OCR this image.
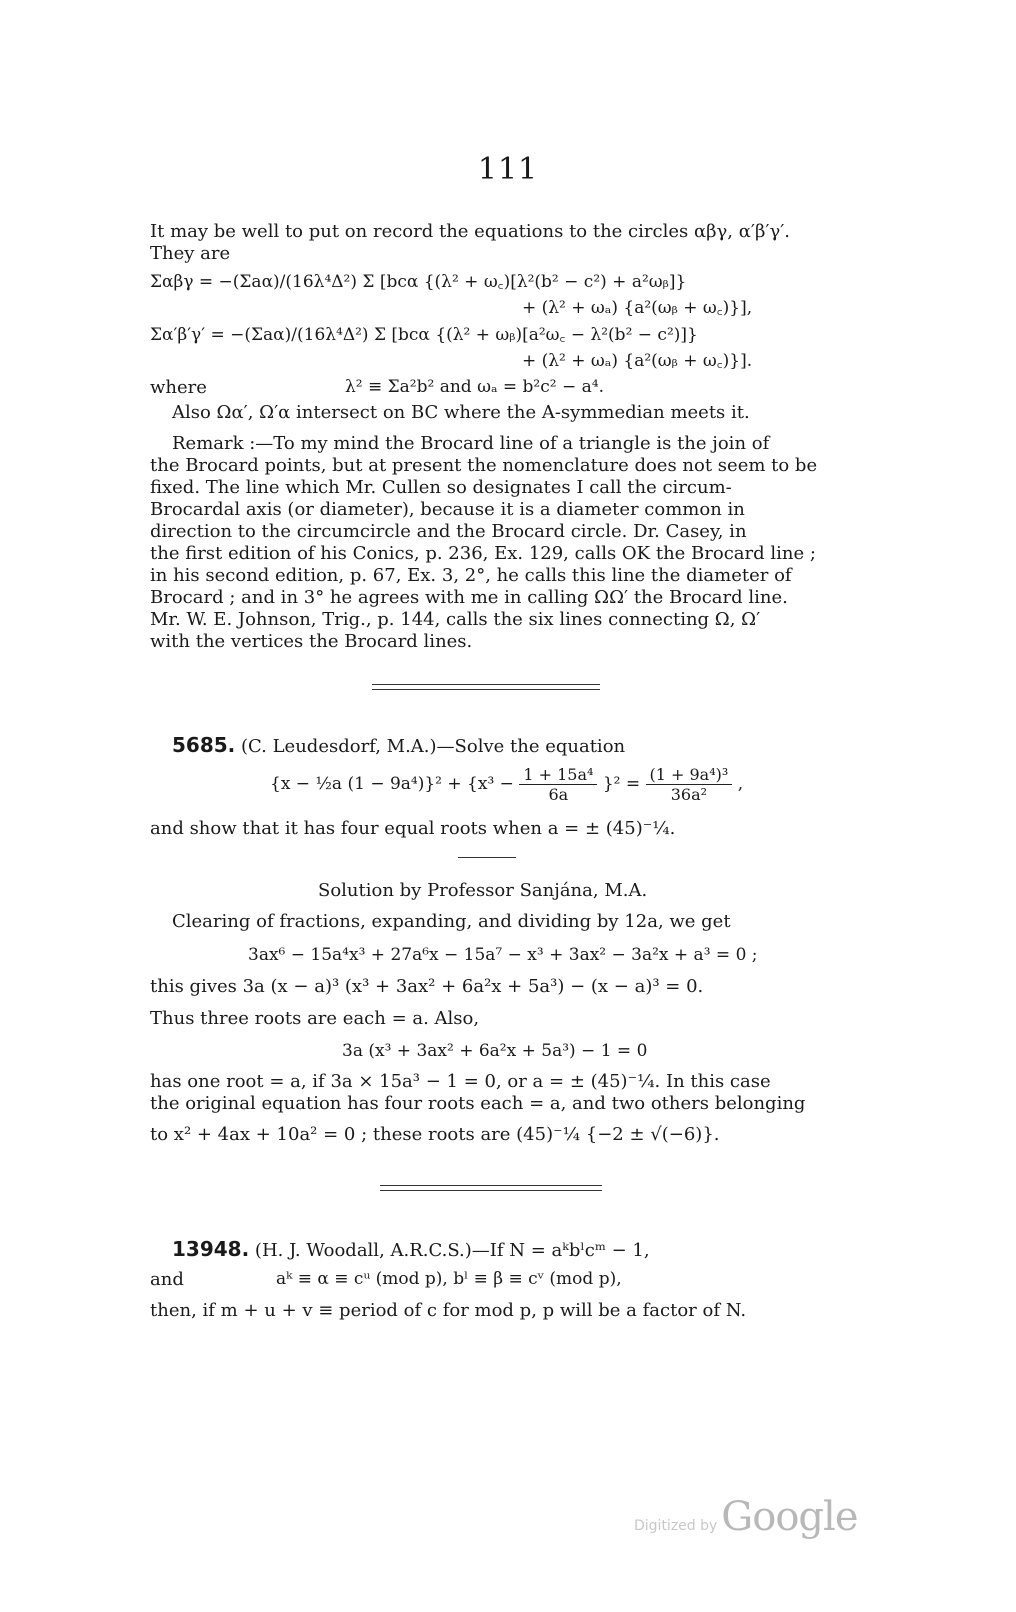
111
It may be well to put on record the equations to the circles αβγ, α′β′γ′.
They are
Σαβγ = −(Σaα)/(16λ⁴Δ²) Σ [bcα {(λ² + ω꜀)[λ²(b² − c²) + a²ωᵦ]}
+ (λ² + ωₐ) {a²(ωᵦ + ω꜀)}],
Σα′β′γ′ = −(Σaα)/(16λ⁴Δ²) Σ [bcα {(λ² + ωᵦ)[a²ω꜀ − λ²(b² − c²)]}
+ (λ² + ωₐ) {a²(ωᵦ + ω꜀)}].
where	λ² ≡ Σa²b² and ωₐ = b²c² − a⁴.
Also Ωα′, Ω′α intersect on BC where the A-symmedian meets it.
Remark :—To my mind the Brocard line of a triangle is the join of
the Brocard points, but at present the nomenclature does not seem to be
fixed. The line which Mr. Cullen so designates I call the circum-
Brocardal axis (or diameter), because it is a diameter common in
direction to the circumcircle and the Brocard circle. Dr. Casey, in
the first edition of his Conics, p. 236, Ex. 129, calls OK the Brocard line ;
in his second edition, p. 67, Ex. 3, 2°, he calls this line the diameter of
Brocard ; and in 3° he agrees with me in calling ΩΩ′ the Brocard line.
Mr. W. E. Johnson, Trig., p. 144, calls the six lines connecting Ω, Ω′
with the vertices the Brocard lines.
5685. (C. Leudesdorf, M.A.)—Solve the equation
{x − ½a $(1 - 9a^4)\}^2 + \{x^3 - \frac{\text{1 + 15a⁴}}{6a} \}^2 = \frac{\text{(1 + 9a⁴)³}}{\text{36a²}}$ ,
and show that it has four equal roots when a = ± (45)⁻¼.
Solution by Professor Sanjána, M.A.
Clearing of fractions, expanding, and dividing by 12a, we get
3ax⁶ − 15a⁴x³ + 27a⁶x − 15a⁷ − x³ + 3ax² − 3a²x + a³ = 0 ;
this gives 3a (x − a)³ (x³ + 3ax² + 6a²x + 5a³) − (x − a)³ = 0.
Thus three roots are each = a. Also,
3a (x³ + 3ax² + 6a²x + 5a³) − 1 = 0
has one root = a, if 3a × 15a³ − 1 = 0, or a = ± (45)⁻¼. In this case
the original equation has four roots each = a, and two others belonging
to x² + 4ax + 10a² = 0 ; these roots are (45)⁻¼ {−2 ± √(−6)}.
13948. (H. J. Woodall, A.R.C.S.)—If N = aᵏbˡcᵐ − 1,
and	aᵏ ≡ α ≡ cᵘ (mod p), bˡ ≡ β ≡ cᵛ (mod p),
then, if m + u + v ≡ period of c for mod p, p will be a factor of N.
Digitized by Google
